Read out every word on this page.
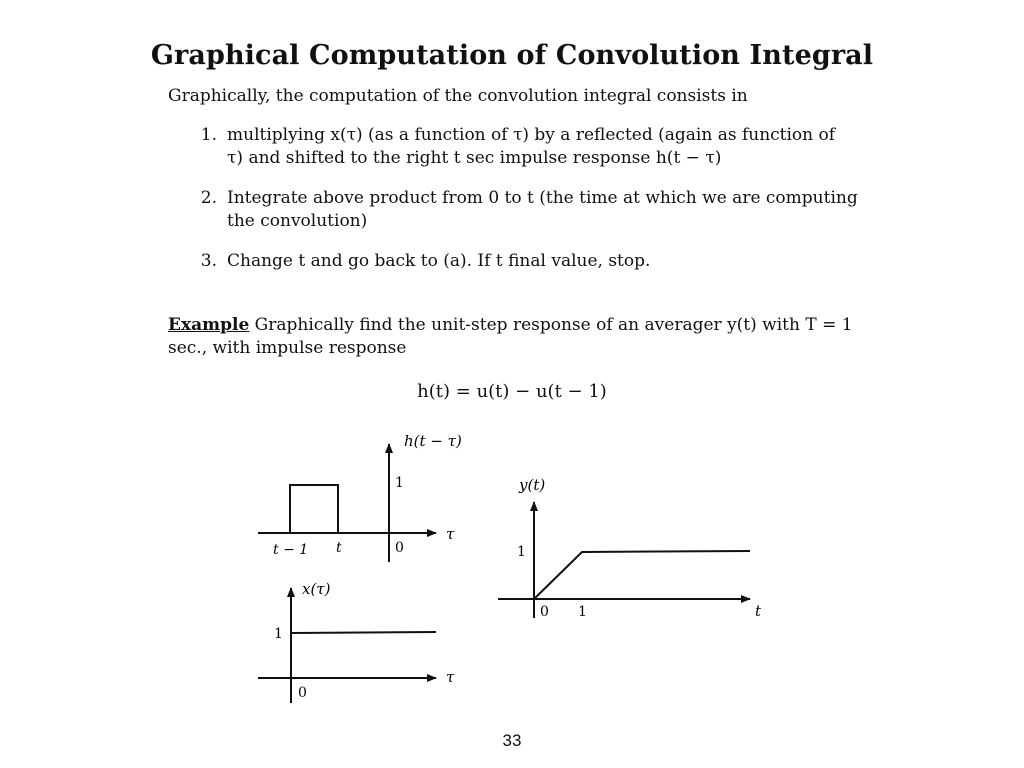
Graphical Computation of Convolution Integral
Graphically, the computation of the convolution integral consists in
1. multiplying x(τ) (as a function of τ) by a reflected (again as function of
τ) and shifted to the right t sec impulse response h(t − τ)
2. Integrate above product from 0 to t (the time at which we are computing
the convolution)
3. Change t and go back to (a). If t final value, stop.
Example Graphically find the unit-step response of an averager y(t) with T = 1
sec., with impulse response
h(t) = u(t) − u(t − 1)
h(t − τ)
τ
1
t − 1 t	0
x(τ)
τ
1
0
y(t)
t
1
1
0
33
